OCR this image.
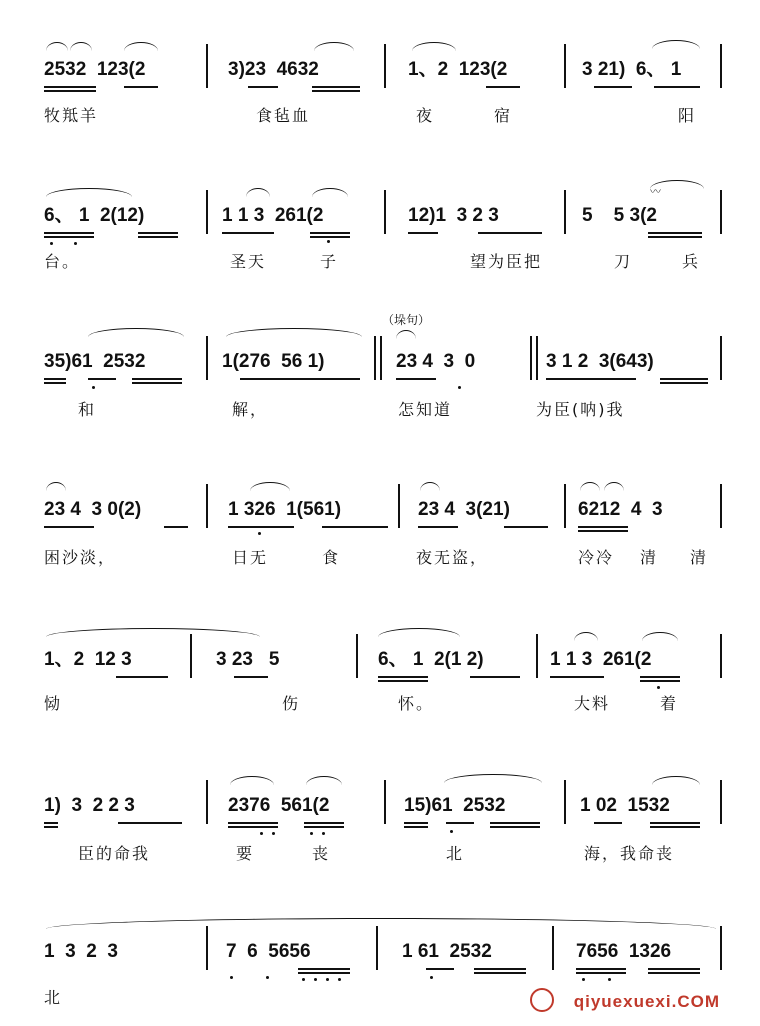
2532  123(2	3)23  4632	1、2  123(2	3 21)  6、 1
牧羝羊	食毡血	夜	宿	阳
6、 1  2(12)	1 1 3  261(2	12)1  3 2 3
〰
5    5 3(2
台。	圣天	子	望为臣把	刀	兵
（垛句）
35)61  2532	1(276  56 1)	23 4  3  0	3 1 2  3(643)
和	解，	怎知道	为臣(呐)我
23 4  3 0(2)	1 326  1(561)	23 4  3(21)	6212  4  3
困沙淡，	日无	食	夜无盗，	冷冷 清 清
1、2  12 3	3 23   5	6、 1  2(1 2)	1 1 3  261(2
恸	伤	怀。	大料	着
1)  3  2 2 3	2376  561(2	15)61  2532	1 02  1532
臣的命我	要	丧	北	海，我命丧
1  3  2  3	7  6  5656	1 61  2532	7656  1326
北	qiyuexuexi.COM
